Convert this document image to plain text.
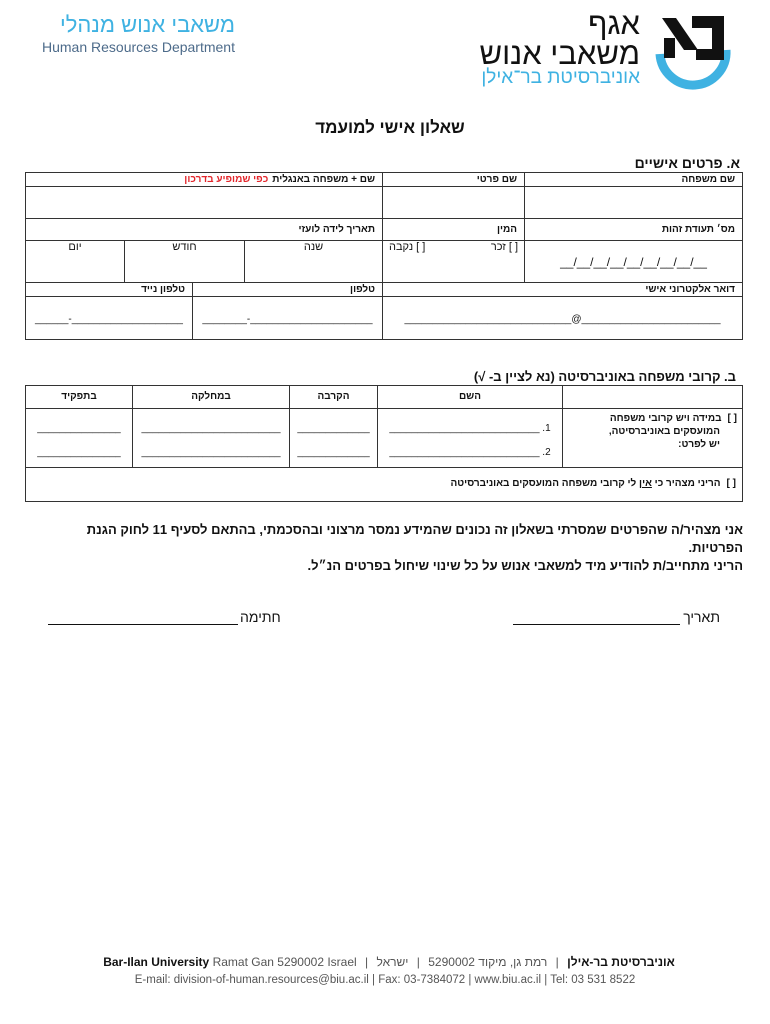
משאבי אנוש מנהלי
Human Resources Department
אגף
משאבי אנוש
אוניברסיטת בר־אילן
שאלון אישי למועמד
א. פרטים אישיים
שם משפחה
שם פרטי
שם + משפחה באנגליתכפי שמופיע בדרכון
מס׳ תעודת זהות
המין
תאריך לידה לועזי
__/__/__/__/__/__/__/__/__
[ ]זכר
[ ]נקבה
שנה
חודש
יום
דואר אלקטרוני אישי
טלפון
טלפון נייד
______________________________@_________________________
________-______________________
______-____________________
ב. קרובי משפחה באוניברסיטה (נא לציין ב- √)
השם
הקרבה
במחלקה
בתפקיד
[ ]במידה ויש קרובי משפחה
המועסקים באוניברסיטה,
יש לפרט:
1. ___________________________
2. ___________________________
_____________
_____________
_________________________
_________________________
_______________
_______________
[ ]הריני מצהיר כי אין לי קרובי משפחה המועסקים באוניברסיטה
אני מצהיר/ה שהפרטים שמסרתי בשאלון זה נכונים שהמידע נמסר מרצוני ובהסכמתי, בהתאם לסעיף 11 לחוק הגנת
הפרטיות.
הריני מתחייב/ת להודיע מיד למשאבי אנוש על כל שינוי שיחול בפרטים הנ״ל.
תאריך
חתימה
Bar-Ilan University Ramat Gan 5290002 Israel | ישראל | רמת גן, מיקוד 5290002 | אוניברסיטת בר-אילן
E-mail: division-of-human.resources@biu.ac.il | Fax: 03-7384072 | www.biu.ac.il | Tel: 03 531 8522
